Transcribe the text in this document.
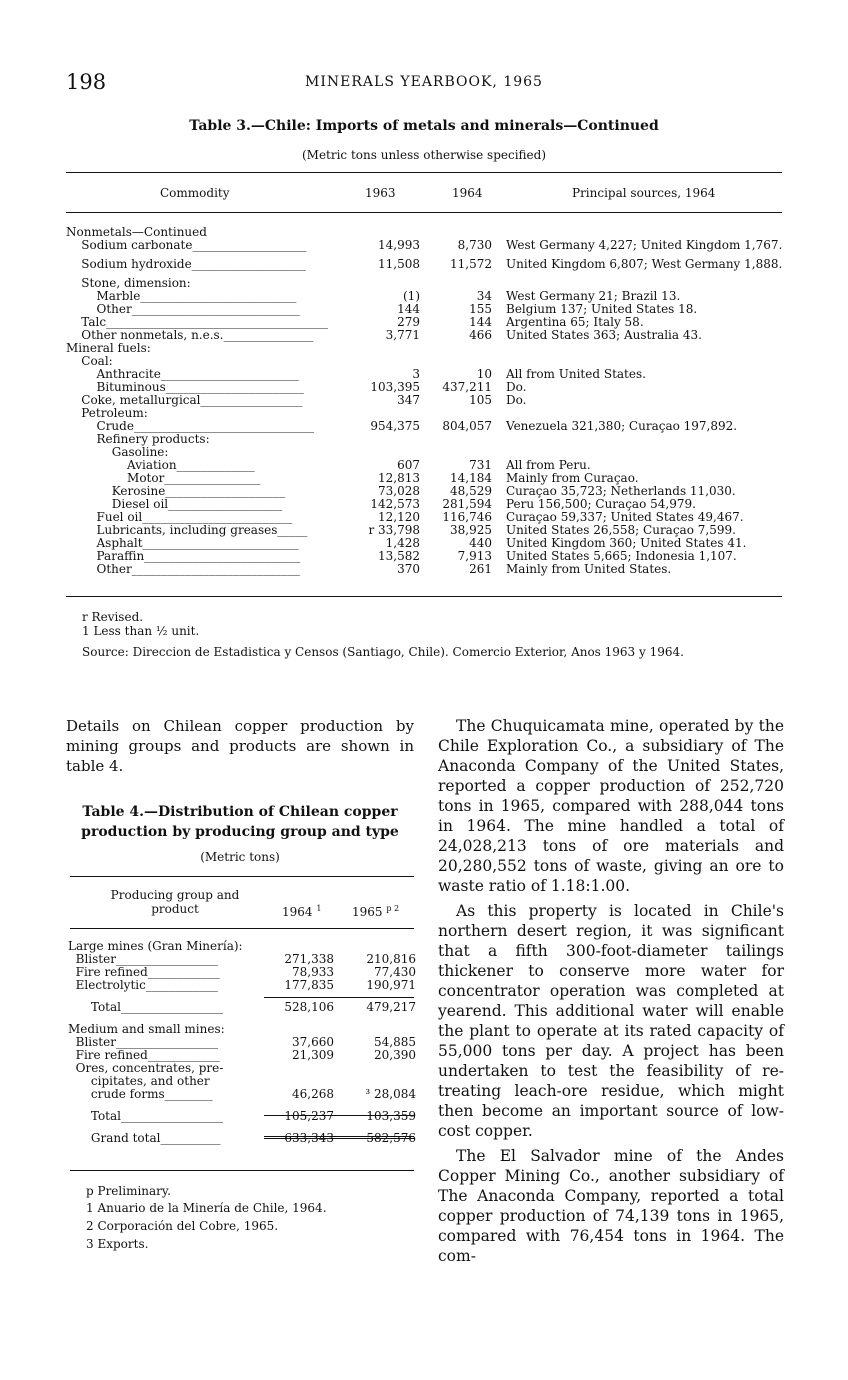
198	MINERALS YEARBOOK, 1965
Table 3.—Chile: Imports of metals and minerals—Continued
(Metric tons unless otherwise specified)
Commodity	1963	1964	Principal sources, 1964
Nonmetals—Continued
Sodium carbonate___________________	14,993	8,730 West Germany 4,227; United Kingdom 1,767.
Sodium hydroxide___________________	11,508	11,572 United Kingdom 6,807; West Germany 1,888.
Stone, dimension:
Marble__________________________	(1)	34 West Germany 21; Brazil 13.
Other____________________________	144	155 Belgium 137; United States 18.
Talc_____________________________________	279	144 Argentina 65; Italy 58.
Other nonmetals, n.e.s._______________	3,771	466 United States 363; Australia 43.
Mineral fuels:
Coal:
Anthracite_______________________	3	10 All from United States.
Bituminous_______________________	103,395	437,211 Do.
Coke, metallurgical_________________	347	105 Do.
Petroleum:
Crude______________________________	954,375	804,057 Venezuela 321,380; Curaçao 197,892.
Refinery products:
Gasoline:
Aviation_____________	607	731 All from Peru.
Motor________________	12,813	14,184 Mainly from Curaçao.
Kerosine____________________	73,028	48,529 Curaçao 35,723; Netherlands 11,030.
Diesel oil___________________	142,573	281,594 Peru 156,500; Curaçao 54,979.
Fuel oil_________________________	12,120	116,746 Curaçao 59,337; United States 49,467.
Lubricants, including greases_____	r 33,798	38,925 United States 26,558; Curaçao 7,599.
Asphalt__________________________	1,428	440 United Kingdom 360; United States 41.
Paraffin__________________________	13,582	7,913 United States 5,665; Indonesia 1,107.
Other____________________________	370	261 Mainly from United States.
r Revised.
1 Less than ½ unit.
Source: Direccion de Estadistica y Censos (Santiago, Chile). Comercio Exterior, Anos 1963 y 1964.
Details on Chilean copper production by mining groups and products are shown in table 4.
Table 4.—Distribution of Chilean copper production by producing group and type
(Metric tons)
Producing group and product	1964 $^1$	1965 $^{p 2}$
Large mines (Gran Minería):
Blister_________________	271,338	210,816
Fire refined____________	78,933	77,430
Electrolytic____________	177,835	190,971
Total_________________	528,106	479,217
Medium and small mines:
Blister_________________	37,660	54,885
Fire refined____________	21,309	20,390
Ores, concentrates, pre-
cipitates, and other
crude forms________	46,268	³ 28,084
Total_________________	105,237	103,359
Grand total__________	633,343	582,576
p Preliminary.
1 Anuario de la Minería de Chile, 1964.
2 Corporación del Cobre, 1965.
3 Exports.

The Chuquicamata mine, operated by the Chile Exploration Co., a subsidiary of The Anaconda Company of the United States, reported a copper production of 252,720 tons in 1965, compared with 288,044 tons in 1964. The mine handled a total of 24,028,213 tons of ore materials and 20,280,552 tons of waste, giving an ore to waste ratio of 1.18:1.00.

As this property is located in Chile's northern desert region, it was significant that a fifth 300-foot-diameter tailings thickener to conserve more water for concentrator operation was completed at yearend. This additional water will enable the plant to operate at its rated capacity of 55,000 tons per day. A project has been undertaken to test the feasibility of re-treating leach-ore residue, which might then become an important source of low-cost copper.

The El Salvador mine of the Andes Copper Mining Co., another subsidiary of The Anaconda Company, reported a total copper production of 74,139 tons in 1965, compared with 76,454 tons in 1964. The com-
